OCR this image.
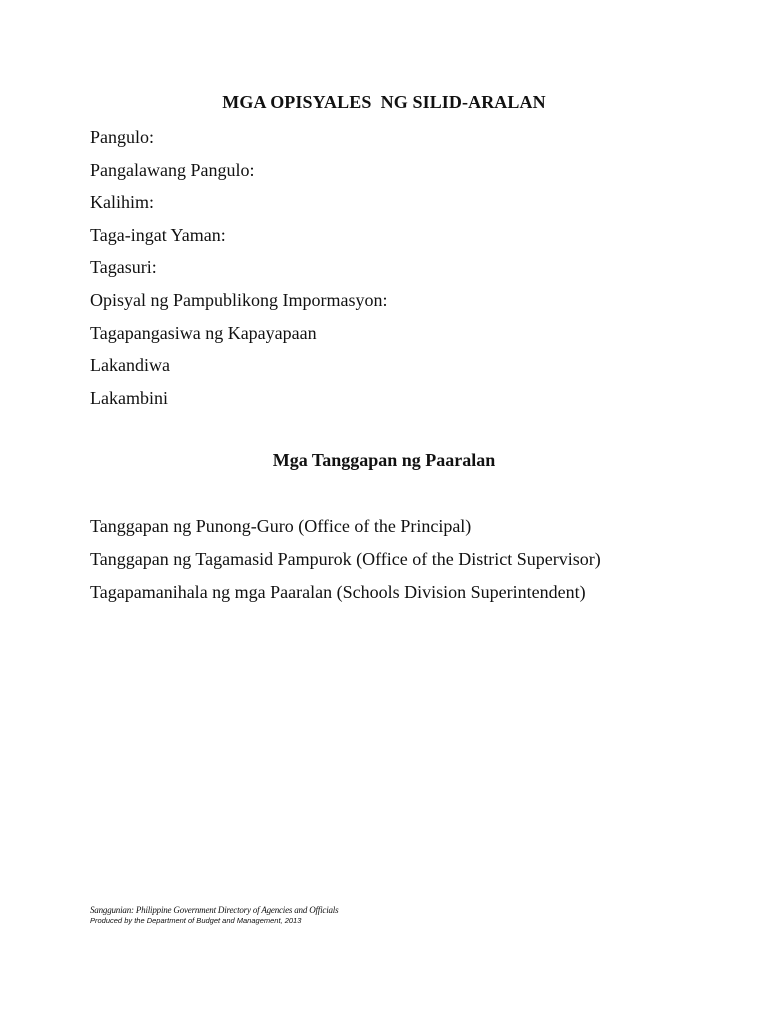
MGA OPISYALES  NG SILID-ARALAN
Pangulo:
Pangalawang Pangulo:
Kalihim:
Taga-ingat Yaman:
Tagasuri:
Opisyal ng Pampublikong Impormasyon:
Tagapangasiwa ng Kapayapaan
Lakandiwa
Lakambini
Mga Tanggapan ng Paaralan
Tanggapan ng Punong-Guro (Office of the Principal)
Tanggapan ng Tagamasid Pampurok (Office of the District Supervisor)
Tagapamanihala ng mga Paaralan (Schools Division Superintendent)
Sanggunian: Philippine Government Directory of Agencies and Officials
Produced by the Department of Budget and Management, 2013
